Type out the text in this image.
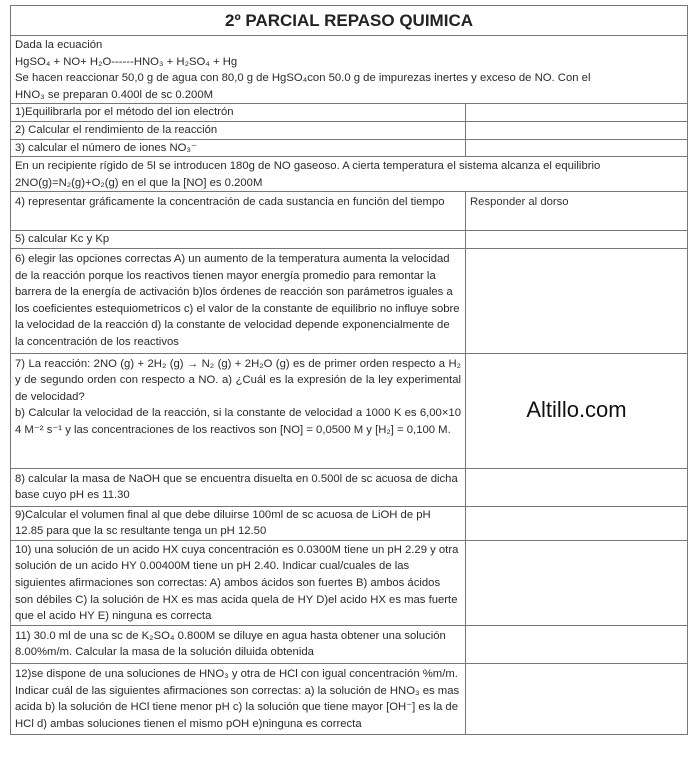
2º PARCIAL REPASO QUIMICA	

Dada la ecuación
HgSO₄ + NO+ H₂O------HNO₃ + H₂SO₄ + Hg
Se hacen reaccionar 50,0 g de agua con 80,0 g de HgSO₄con 50.0 g de impurezas inertes y exceso de NO. Con el
HNO₃ se preparan 0.400l de sc 0.200M	

1)Equilibrarla por el método del ion electrón	
2) Calcular el rendimiento de la reacción	
3) calcular el número de iones NO₃⁻	

En un recipiente rígido de 5l se introducen 180g de NO gaseoso. A cierta temperatura el sistema alcanza el equilibrio
2NO(g)=N₂(g)+O₂(g) en el que la [NO] es 0.200M	

4) representar gráficamente la concentración de cada sustancia en función del tiempo	Responder al dorso
5) calcular Kc y Kp	
6) elegir las opciones correctas A) un aumento de la temperatura aumenta la velocidad de la reacción porque los reactivos tienen mayor energía promedio para remontar la barrera de la energía de activación b)los órdenes de reacción son parámetros iguales a los coeficientes estequiometricos c) el valor de la constante de equilibrio no influye sobre la velocidad de la reacción d) la constante de velocidad depende exponencialmente de la concentración de los reactivos	

7) La reacción: 2NO (g) + 2H₂ (g) → N₂ (g) + 2H₂O (g) es de primer orden respecto a H₂ y de segundo orden con respecto a NO. a) ¿Cuál es la expresión de la ley experimental de velocidad?
b) Calcular la velocidad de la reacción, si la constante de velocidad a 1000 K es 6,00×10 4 M⁻² s⁻¹ y las concentraciones de los reactivos son [NO] = 0,0500 M y [H₂] = 0,100 M.	Altillo.com
8) calcular la masa de NaOH que se encuentra disuelta en 0.500l de sc acuosa de dicha base cuyo pH es 11.30	
9)Calcular el volumen final al que debe diluirse 100ml de sc acuosa de LiOH de pH 12.85 para que la sc resultante tenga un pH 12.50	
10) una solución de un acido HX cuya concentración es 0.0300M tiene un pH 2.29 y otra solución de un acido HY 0.00400M tiene un pH 2.40. Indicar cual/cuales de las siguientes afirmaciones son correctas: A) ambos ácidos son fuertes B) ambos ácidos son débiles C) la solución de HX es mas acida quela de HY D)el acido HX es mas fuerte que el acido HY E) ninguna es correcta	
11) 30.0 ml de una sc de K₂SO₄ 0.800M se diluye en agua hasta obtener una solución 8.00%m/m. Calcular la masa de la solución diluida obtenida	
12)se dispone de una soluciones de HNO₃ y otra de HCl con igual concentración %m/m. Indicar cuál de las siguientes afirmaciones son correctas: a) la solución de HNO₃ es mas acida b) la solución de HCl tiene menor pH c) la solución que tiene mayor [OH⁻] es la de HCl d) ambas soluciones tienen el mismo pOH e)ninguna es correcta	
